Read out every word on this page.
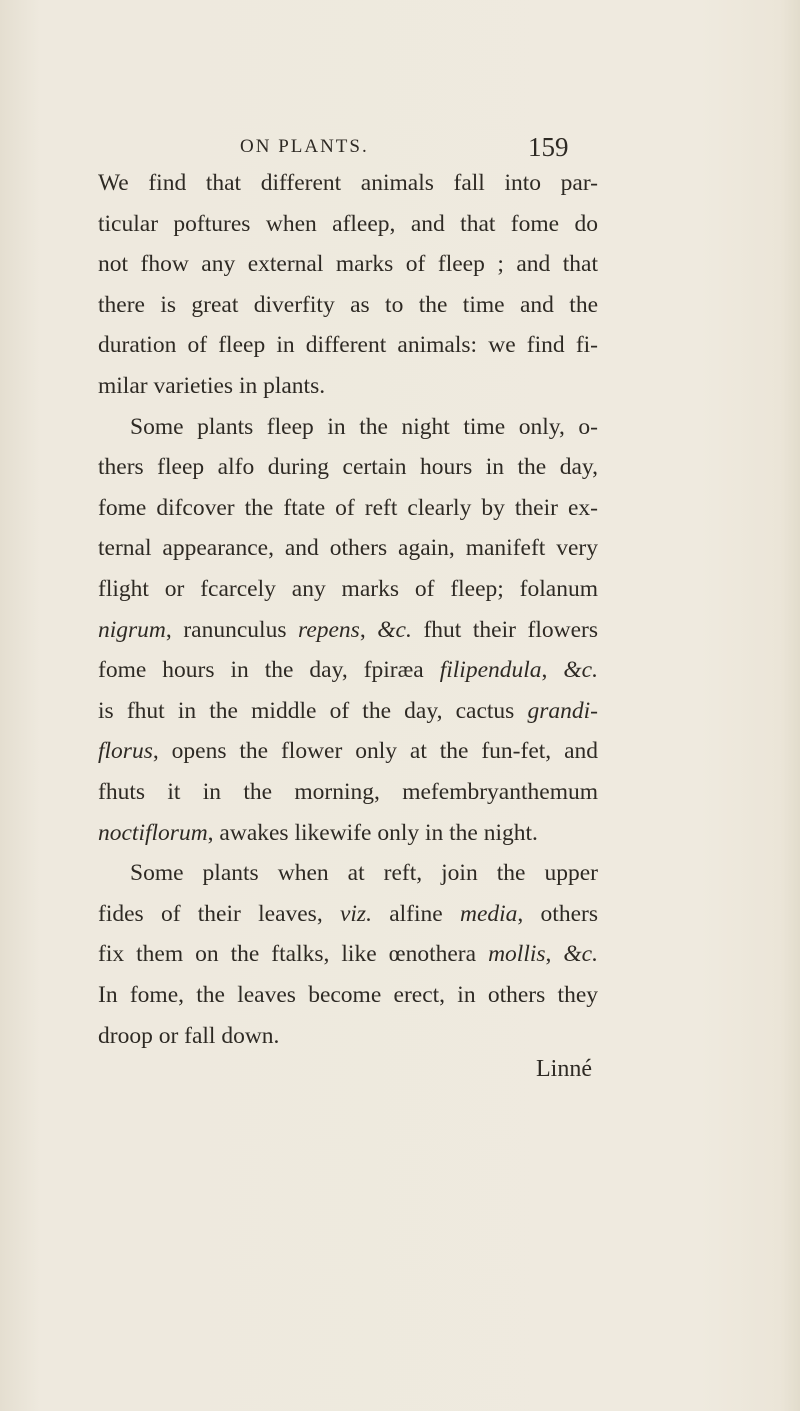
ON PLANTS.	159
We find that different animals fall into par-
ticular poftures when afleep, and that fome do
not fhow any external marks of fleep ; and that
there is great diverfity as to the time and the
duration of fleep in different animals: we find fi-
milar varieties in plants.
Some plants fleep in the night time only, o-
thers fleep alfo during certain hours in the day,
fome difcover the ftate of reft clearly by their ex-
ternal appearance, and others again, manifeft very
flight or fcarcely any marks of fleep; folanum
nigrum, ranunculus repens, &c. fhut their flowers
fome hours in the day, fpiræa filipendula, &c.
is fhut in the middle of the day, cactus grandi-
florus, opens the flower only at the fun-fet, and
fhuts it in the morning, mefembryanthemum
noctiflorum, awakes likewife only in the night.
Some plants when at reft, join the upper
fides of their leaves, viz. alfine media, others
fix them on the ftalks, like œnothera mollis, &c.
In fome, the leaves become erect, in others they
droop or fall down.
Linné
